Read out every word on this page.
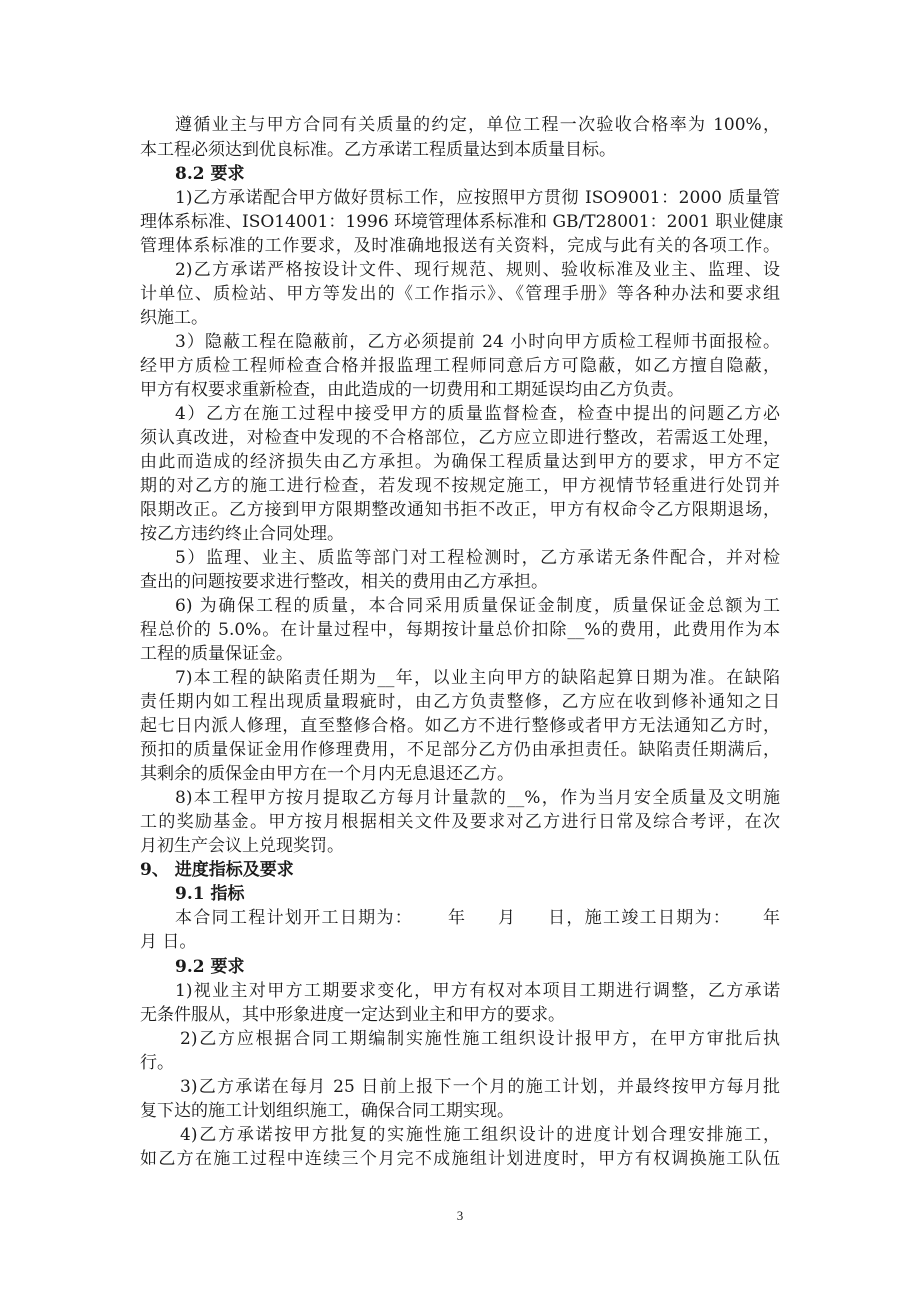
遵循业主与甲方合同有关质量的约定，单位工程一次验收合格率为 100%，
本工程必须达到优良标准。乙方承诺工程质量达到本质量目标。
8.2 要求
1)乙方承诺配合甲方做好贯标工作，应按照甲方贯彻 ISO9001：2000 质量管
理体系标准、ISO14001：1996 环境管理体系标准和 GB/T28001：2001 职业健康
管理体系标准的工作要求，及时准确地报送有关资料，完成与此有关的各项工作。
2)乙方承诺严格按设计文件、现行规范、规则、验收标准及业主、监理、设
计单位、质检站、甲方等发出的《工作指示》、《管理手册》等各种办法和要求组
织施工。
3）隐蔽工程在隐蔽前，乙方必须提前 24 小时向甲方质检工程师书面报检。
经甲方质检工程师检查合格并报监理工程师同意后方可隐蔽，如乙方擅自隐蔽，
甲方有权要求重新检查，由此造成的一切费用和工期延误均由乙方负责。
4）乙方在施工过程中接受甲方的质量监督检查，检查中提出的问题乙方必
须认真改进，对检查中发现的不合格部位，乙方应立即进行整改，若需返工处理，
由此而造成的经济损失由乙方承担。为确保工程质量达到甲方的要求，甲方不定
期的对乙方的施工进行检查，若发现不按规定施工，甲方视情节轻重进行处罚并
限期改正。乙方接到甲方限期整改通知书拒不改正，甲方有权命令乙方限期退场，
按乙方违约终止合同处理。
5）监理、业主、质监等部门对工程检测时，乙方承诺无条件配合，并对检
查出的问题按要求进行整改，相关的费用由乙方承担。
6) 为确保工程的质量，本合同采用质量保证金制度，质量保证金总额为工
程总价的 5.0%。在计量过程中，每期按计量总价扣除__%的费用，此费用作为本
工程的质量保证金。
7)本工程的缺陷责任期为__年，以业主向甲方的缺陷起算日期为准。在缺陷
责任期内如工程出现质量瑕疵时，由乙方负责整修，乙方应在收到修补通知之日
起七日内派人修理，直至整修合格。如乙方不进行整修或者甲方无法通知乙方时，
预扣的质量保证金用作修理费用，不足部分乙方仍由承担责任。缺陷责任期满后，
其剩余的质保金由甲方在一个月内无息退还乙方。
8)本工程甲方按月提取乙方每月计量款的__%，作为当月安全质量及文明施
工的奖励基金。甲方按月根据相关文件及要求对乙方进行日常及综合考评，在次
月初生产会议上兑现奖罚。
9、 进度指标及要求
9.1 指标
本合同工程计划开工日期为：　　 年 　 月 　 日，施工竣工日期为： 　 年
月 日。
9.2 要求
1)视业主对甲方工期要求变化，甲方有权对本项目工期进行调整，乙方承诺
无条件服从，其中形象进度一定达到业主和甲方的要求。
2)乙方应根据合同工期编制实施性施工组织设计报甲方，在甲方审批后执
行。
3)乙方承诺在每月 25 日前上报下一个月的施工计划，并最终按甲方每月批
复下达的施工计划组织施工，确保合同工期实现。
4)乙方承诺按甲方批复的实施性施工组织设计的进度计划合理安排施工，
如乙方在施工过程中连续三个月完不成施组计划进度时，甲方有权调换施工队伍
3
